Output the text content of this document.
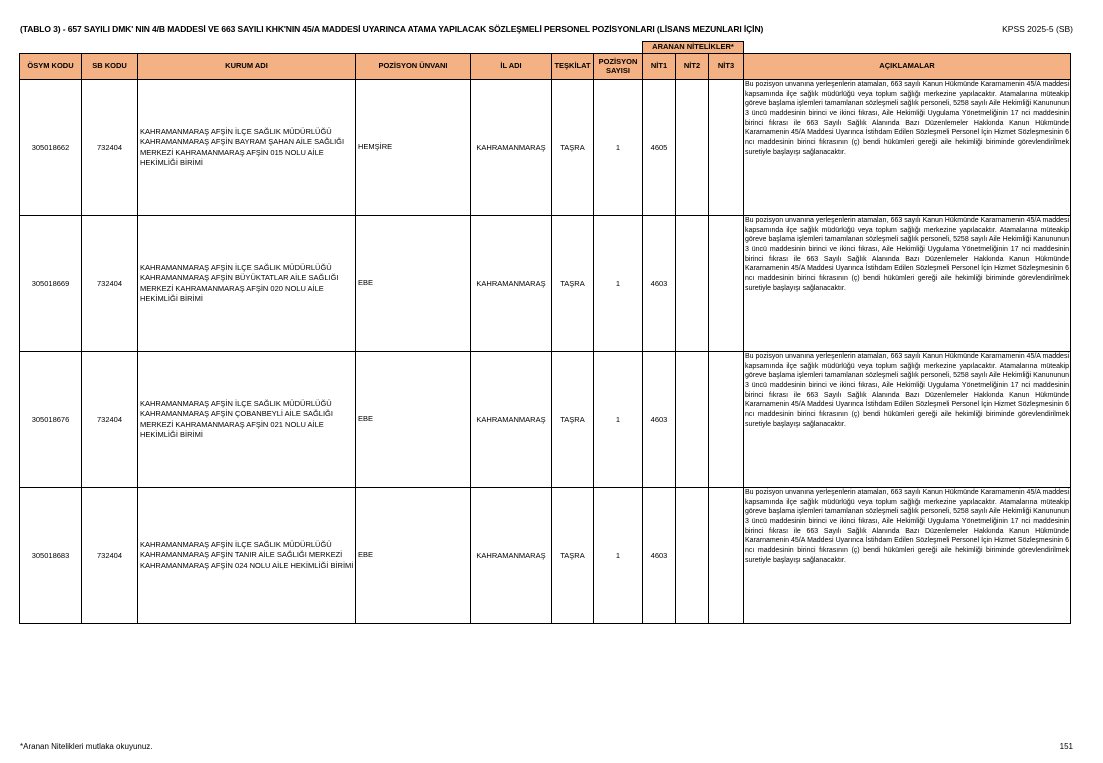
(TABLO 3) - 657 SAYILI DMK' NIN 4/B MADDESİ VE 663 SAYILI KHK'NIN 45/A MADDESİ UYARINCA ATAMA YAPILACAK SÖZLEŞMELİ PERSONEL POZİSYONLARI (LİSANS MEZUNLARI İÇİN)	KPSS 2025-5 (SB)
							ARANAN NİTELİKLER*			
ÖSYM KODU	SB KODU	KURUM ADI	POZİSYON ÜNVANI	İL ADI	TEŞKİLAT	POZİSYON SAYISI	NİT1	NİT2	NİT3	AÇIKLAMALAR
305018662	732404	KAHRAMANMARAŞ AFŞİN İLÇE SAĞLIK MÜDÜRLÜĞÜ KAHRAMANMARAŞ AFŞİN BAYRAM ŞAHAN AİLE SAĞLIĞI MERKEZİ KAHRAMANMARAŞ AFŞİN 015 NOLU AİLE HEKİMLİĞİ BİRİMİ	HEMŞİRE	KAHRAMANMARAŞ	TAŞRA	1	4605			Bu pozisyon unvanına yerleşenlerin atamaları, 663 sayılı Kanun Hükmünde Kararnamenin 45/A maddesi kapsamında ilçe sağlık müdürlüğü veya toplum sağlığı merkezine yapılacaktır. Atamalarına müteakip göreve başlama işlemleri tamamlanan sözleşmeli sağlık personeli, 5258 sayılı Aile Hekimliği Kanununun 3 üncü maddesinin birinci ve ikinci fıkrası, Aile Hekimliği Uygulama Yönetmeliğinin 17 nci maddesinin birinci fıkrası ile 663 Sayılı Sağlık Alanında Bazı Düzenlemeler Hakkında Kanun Hükmünde Kararnamenin 45/A Maddesi Uyarınca İstihdam Edilen Sözleşmeli Personel İçin Hizmet Sözleşmesinin 6 ncı maddesinin birinci fıkrasının (ç) bendi hükümleri gereği aile hekimliği biriminde görevlendirilmek suretiyle başlayışı sağlanacaktır.
305018669	732404	KAHRAMANMARAŞ AFŞİN İLÇE SAĞLIK MÜDÜRLÜĞÜ KAHRAMANMARAŞ AFŞİN BÜYÜKTATLAR AİLE SAĞLIĞI MERKEZİ KAHRAMANMARAŞ AFŞİN 020 NOLU AİLE HEKİMLİĞİ BİRİMİ	EBE	KAHRAMANMARAŞ	TAŞRA	1	4603			Bu pozisyon unvanına yerleşenlerin atamaları, 663 sayılı Kanun Hükmünde Kararnamenin 45/A maddesi kapsamında ilçe sağlık müdürlüğü veya toplum sağlığı merkezine yapılacaktır. Atamalarına müteakip göreve başlama işlemleri tamamlanan sözleşmeli sağlık personeli, 5258 sayılı Aile Hekimliği Kanununun 3 üncü maddesinin birinci ve ikinci fıkrası, Aile Hekimliği Uygulama Yönetmeliğinin 17 nci maddesinin birinci fıkrası ile 663 Sayılı Sağlık Alanında Bazı Düzenlemeler Hakkında Kanun Hükmünde Kararnamenin 45/A Maddesi Uyarınca İstihdam Edilen Sözleşmeli Personel İçin Hizmet Sözleşmesinin 6 ncı maddesinin birinci fıkrasının (ç) bendi hükümleri gereği aile hekimliği biriminde görevlendirilmek suretiyle başlayışı sağlanacaktır.
305018676	732404	KAHRAMANMARAŞ AFŞİN İLÇE SAĞLIK MÜDÜRLÜĞÜ KAHRAMANMARAŞ AFŞİN ÇOBANBEYLİ AİLE SAĞLIĞI MERKEZİ KAHRAMANMARAŞ AFŞİN 021 NOLU AİLE HEKİMLİĞİ BİRİMİ	EBE	KAHRAMANMARAŞ	TAŞRA	1	4603			Bu pozisyon unvanına yerleşenlerin atamaları, 663 sayılı Kanun Hükmünde Kararnamenin 45/A maddesi kapsamında ilçe sağlık müdürlüğü veya toplum sağlığı merkezine yapılacaktır. Atamalarına müteakip göreve başlama işlemleri tamamlanan sözleşmeli sağlık personeli, 5258 sayılı Aile Hekimliği Kanununun 3 üncü maddesinin birinci ve ikinci fıkrası, Aile Hekimliği Uygulama Yönetmeliğinin 17 nci maddesinin birinci fıkrası ile 663 Sayılı Sağlık Alanında Bazı Düzenlemeler Hakkında Kanun Hükmünde Kararnamenin 45/A Maddesi Uyarınca İstihdam Edilen Sözleşmeli Personel İçin Hizmet Sözleşmesinin 6 ncı maddesinin birinci fıkrasının (ç) bendi hükümleri gereği aile hekimliği biriminde görevlendirilmek suretiyle başlayışı sağlanacaktır.
305018683	732404	KAHRAMANMARAŞ AFŞİN İLÇE SAĞLIK MÜDÜRLÜĞÜ KAHRAMANMARAŞ AFŞİN TANIR AİLE SAĞLIĞI MERKEZİ KAHRAMANMARAŞ AFŞİN 024 NOLU AİLE HEKİMLİĞİ BİRİMİ	EBE	KAHRAMANMARAŞ	TAŞRA	1	4603			Bu pozisyon unvanına yerleşenlerin atamaları, 663 sayılı Kanun Hükmünde Kararnamenin 45/A maddesi kapsamında ilçe sağlık müdürlüğü veya toplum sağlığı merkezine yapılacaktır. Atamalarına müteakip göreve başlama işlemleri tamamlanan sözleşmeli sağlık personeli, 5258 sayılı Aile Hekimliği Kanununun 3 üncü maddesinin birinci ve ikinci fıkrası, Aile Hekimliği Uygulama Yönetmeliğinin 17 nci maddesinin birinci fıkrası ile 663 Sayılı Sağlık Alanında Bazı Düzenlemeler Hakkında Kanun Hükmünde Kararnamenin 45/A Maddesi Uyarınca İstihdam Edilen Sözleşmeli Personel İçin Hizmet Sözleşmesinin 6 ncı maddesinin birinci fıkrasının (ç) bendi hükümleri gereği aile hekimliği biriminde görevlendirilmek suretiyle başlayışı sağlanacaktır.
*Aranan Nitelikleri mutlaka okuyunuz.	151
